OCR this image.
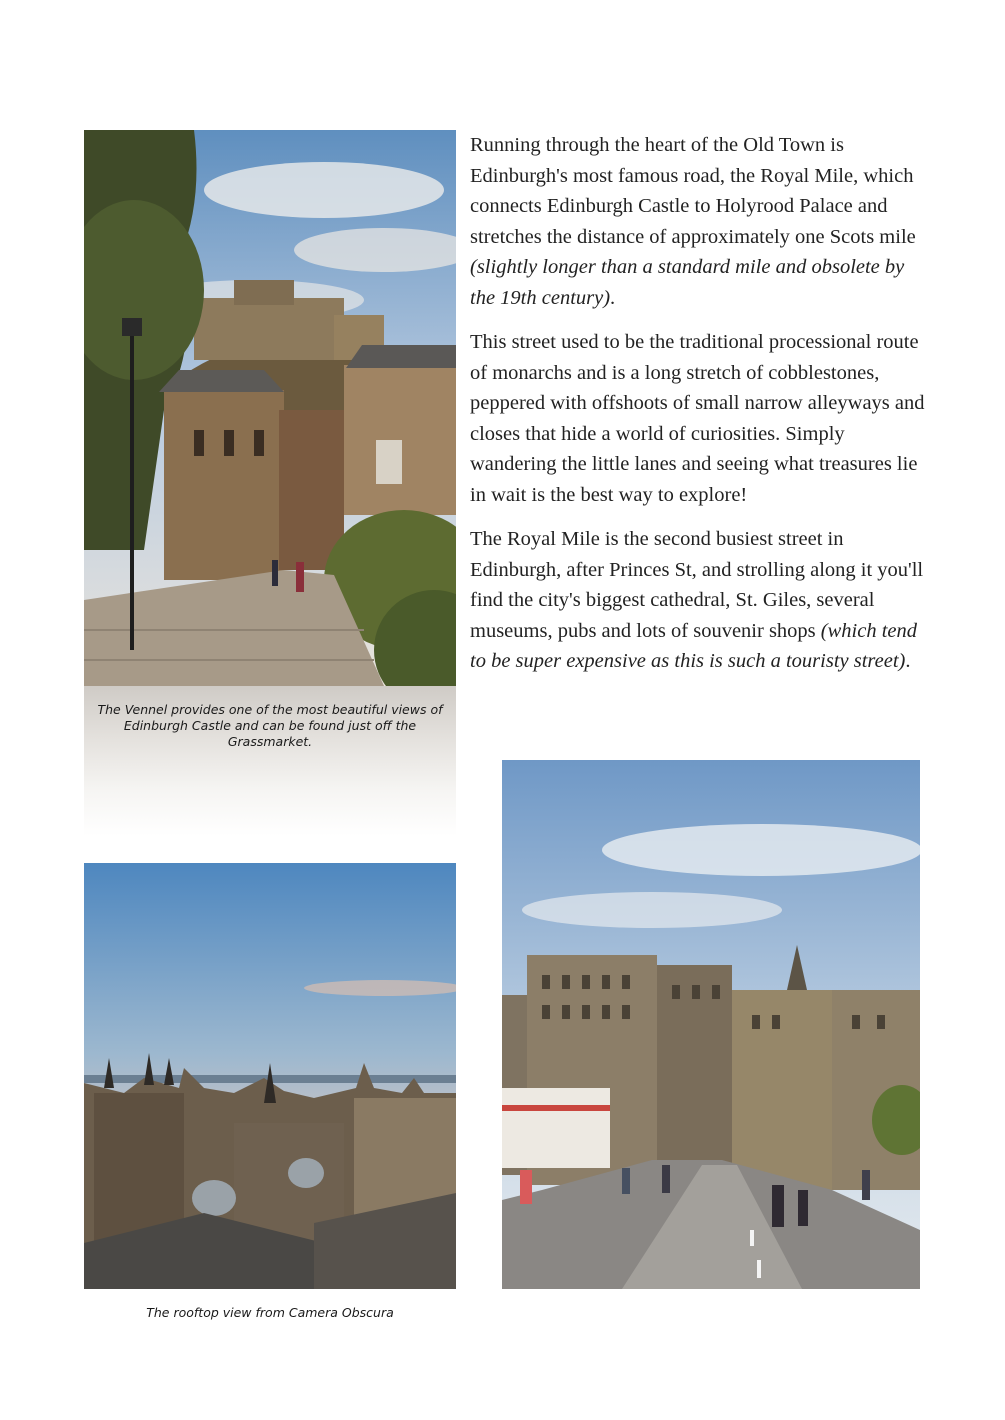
The Vennel provides one of the most beautiful views of Edinburgh Castle and can be found just off the Grassmarket.

Running through the heart of the Old Town is Edinburgh's most famous road, the Royal Mile, which connects Edinburgh Castle to Holyrood Palace and stretches the distance of approximately one Scots mile (slightly longer than a standard mile and obsolete by the 19th century).

This street used to be the traditional processional route of monarchs and is a long stretch of cobblestones, peppered with offshoots of small narrow alleyways and closes that hide a world of curiosities. Simply wandering the little lanes and seeing what treasures lie in wait is the best way to explore!

The Royal Mile is the second busiest street in Edinburgh, after Princes St, and strolling along it you'll find the city's biggest cathedral, St. Giles, several museums, pubs and lots of souvenir shops (which tend to be super expensive as this is such a touristy street).

The rooftop view from Camera Obscura
